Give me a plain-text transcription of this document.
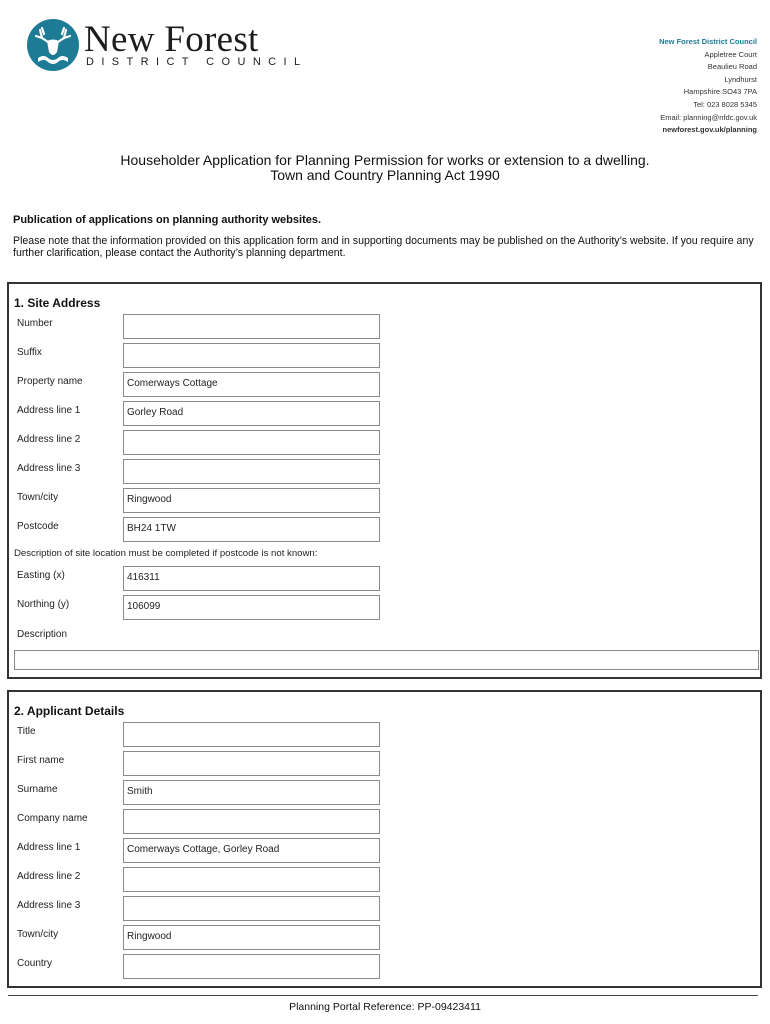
New Forest
DISTRICT COUNCIL
New Forest District Council
Appletree Court
Beaulieu Road
Lyndhurst
Hampshire SO43 7PA
Tel: 023 8028 5345
Email: planning@nfdc.gov.uk
newforest.gov.uk/planning
Householder Application for Planning Permission for works or extension to a dwelling.
Town and Country Planning Act 1990
Publication of applications on planning authority websites.
Please note that the information provided on this application form and in supporting documents may be published on the Authority’s website. If you require any further clarification, please contact the Authority’s planning department.
1. Site Address
Number
Suffix
Property name	Comerways Cottage
Address line 1	Gorley Road
Address line 2
Address line 3
Town/city	Ringwood
Postcode	BH24 1TW
Description of site location must be completed if postcode is not known:
Easting (x)	416311
Northing (y)	106099
Description
2. Applicant Details
Title
First name
Surname	Smith
Company name
Address line 1	Comerways Cottage, Gorley Road
Address line 2
Address line 3
Town/city	Ringwood
Country
Planning Portal Reference: PP-09423411
